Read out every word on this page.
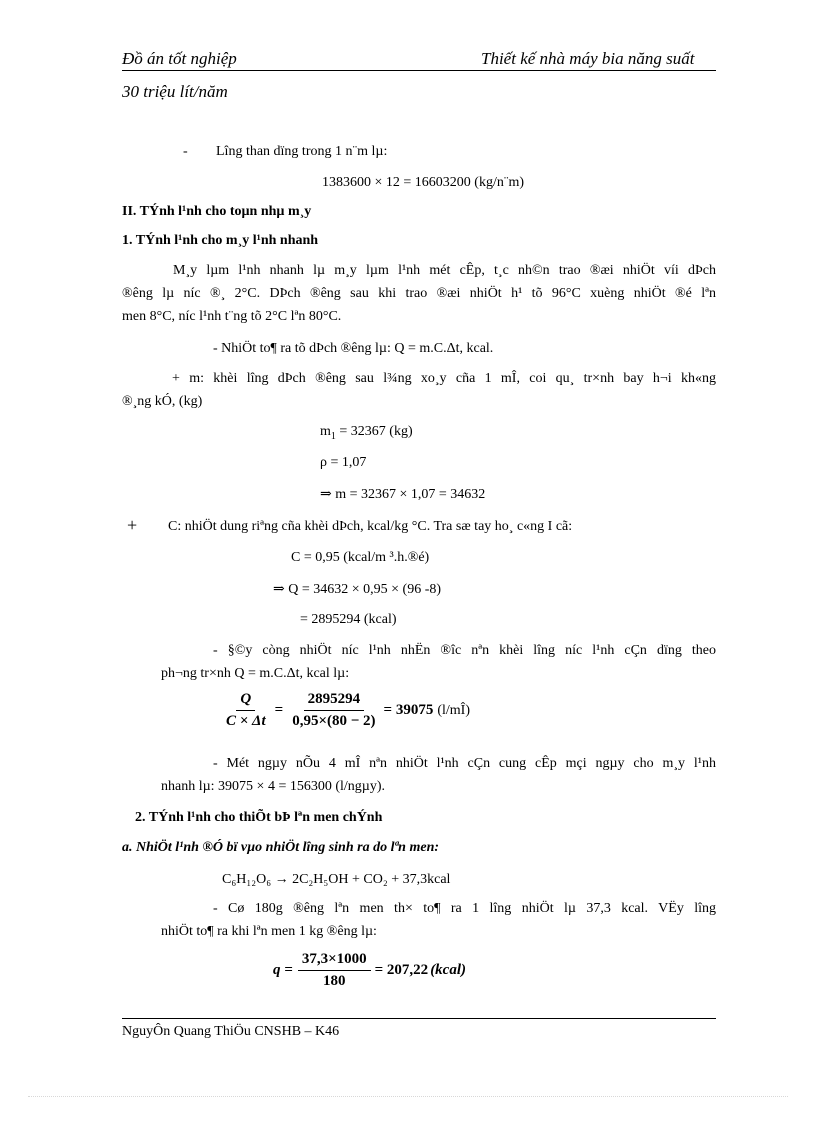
Đồ án tốt nghiệp	Thiết kế nhà máy bia năng suất
30 triệu lít/năm
- Lîng than dïng trong 1 n¨m lµ:
1383600 × 12 = 16603200 (kg/n¨m)
II. TÝnh l¹nh cho toµn nhµ m¸y
1. TÝnh l¹nh cho m¸y l¹nh nhanh
M¸y lµm l¹nh nhanh lµ m¸y lµm l¹nh mét cÊp, t¸c nh©n trao ®æi nhiÖt víi dÞch
®êng lµ níc ®¸ 2°C. DÞch ®êng sau khi trao ®æi nhiÖt h¹ tõ 96°C xuèng nhiÖt ®é lªn
men 8°C, níc l¹nh t¨ng tõ 2°C lªn 80°C.
- NhiÖt to¶ ra tõ dÞch ®êng lµ: Q = m.C.Δt, kcal.
+ m: khèi lîng dÞch ®êng sau l¾ng xo¸y cña 1 mÎ, coi qu¸ tr×nh bay h¬i kh«ng
®¸ng kÓ, (kg)
$m_1 = 32367$ (kg)
ρ = 1,07
⇒ m = 32367 × 1,07 = 34632
+ C: nhiÖt dung riªng cña khèi dÞch, kcal/kg °C. Tra sæ tay ho¸ c«ng I cã:
C = 0,95 (kcal/m ³.h.®é)
⇒ Q = 34632 × 0,95 × (96 -8)
= 2895294 (kcal)
- §©y còng nhiÖt níc l¹nh nhËn ®îc nªn khèi lîng níc l¹nh cÇn dïng theo
ph¬ng tr×nh Q = m.C.Δt, kcal lµ:
$\frac{Q}{C \times \Delta t} = \frac{2895294}{0,95\times(80 - 2)} = 39075$ (l/mÎ)
- Mét ngµy nÕu 4 mÎ nªn nhiÖt l¹nh cÇn cung cÊp mçi ngµy cho m¸y l¹nh
nhanh lµ: 39075 × 4 = 156300 (l/ngµy).
2. TÝnh l¹nh cho thiÕt bÞ lªn men chÝnh
a. NhiÖt l¹nh ®Ó bï vµo nhiÖt lîng sinh ra do lªn men:
C₆H₁₂O₆ → 2C₂H₅OH + CO₂ + 37,3kcal
- Cø 180g ®êng lªn men th× to¶ ra 1 lîng nhiÖt lµ 37,3 kcal. VËy lîng
nhiÖt to¶ ra khi lªn men 1 kg ®êng lµ:
$q = \frac{37,3\times 1000}{180} = 207,22$ (kcal)
NguyÔn Quang ThiÖu CNSHB – K46
